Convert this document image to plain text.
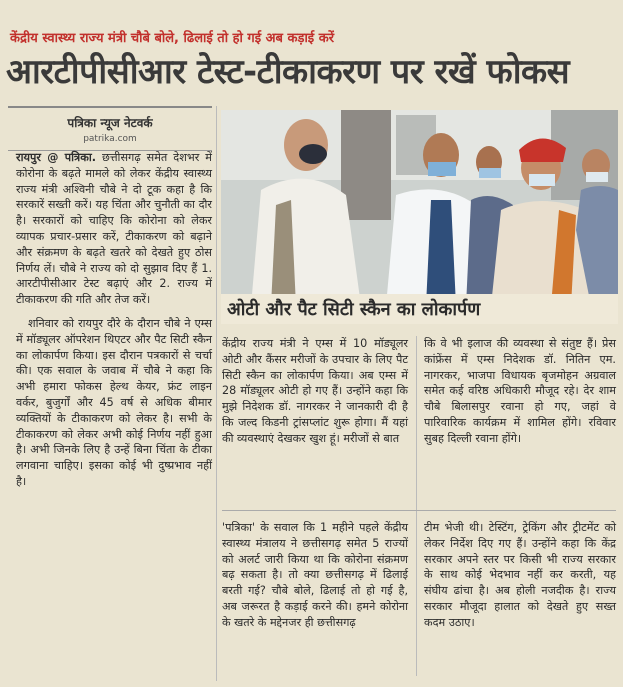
केंद्रीय स्वास्थ्य राज्य मंत्री चौबे बोले, ढिलाई तो हो गई अब कड़ाई करें
आरटीपीसीआर टेस्ट-टीकाकरण पर रखें फोकस
पत्रिका न्यूज नेटवर्क
patrika.com

रायपुर @ पत्रिका. छत्तीसगढ़ समेत देशभर में कोरोना के बढ़ते मामले को लेकर केंद्रीय स्वास्थ्य राज्य मंत्री अश्विनी चौबे ने दो टूक कहा है कि सरकारें सख्ती करें। यह चिंता और चुनौती का दौर है। सरकारों को चाहिए कि कोरोना को लेकर व्यापक प्रचार-प्रसार करें, टीकाकरण को बढ़ाने और संक्रमण के बढ़ते खतरे को देखते हुए ठोस निर्णय लें। चौबे ने राज्य को दो सुझाव दिए हैं 1. आरटीपीसीआर टेस्ट बढ़ाएं और 2. राज्य में टीकाकरण की गति और तेज करें।

शनिवार को रायपुर दौरे के दौरान चौबे ने एम्स में मॉड्यूलर ऑपरेशन थिएटर और पैट सिटी स्कैन का लोकार्पण किया। इस दौरान पत्रकारों से चर्चा की। एक सवाल के जवाब में चौबे ने कहा कि अभी हमारा फोकस हेल्थ केयर, फ्रंट लाइन वर्कर, बुजुर्गों और 45 वर्ष से अधिक बीमार व्यक्तियों के टीकाकरण को लेकर है। सभी के टीकाकरण को लेकर अभी कोई निर्णय नहीं हुआ है। अभी जिनके लिए है उन्हें बिना चिंता के टीका लगवाना चाहिए। इसका कोई भी दुष्प्रभाव नहीं है।

ओटी और पैट सिटी स्कैन का लोकार्पण
केंद्रीय राज्य मंत्री ने एम्स में 10 मॉड्यूलर ओटी और कैंसर मरीजों के उपचार के लिए पैट सिटी स्कैन का लोकार्पण किया। अब एम्स में 28 मॉड्यूलर ओटी हो गए हैं। उन्होंने कहा कि मुझे निदेशक डॉ. नागरकर ने जानकारी दी है कि जल्द किडनी ट्रांसप्लांट शुरू होगा। मैं यहां की व्यवस्थाएं देखकर खुश हूं। मरीजों से बात
कि वे भी इलाज की व्यवस्था से संतुष्ट हैं। प्रेस कांफ्रेंस में एम्स निदेशक डॉ. नितिन एम. नागरकर, भाजपा विधायक बृजमोहन अग्रवाल समेत कई वरिष्ठ अधिकारी मौजूद रहे। देर शाम चौबे बिलासपुर रवाना हो गए, जहां वे पारिवारिक कार्यक्रम में शामिल होंगे। रविवार सुबह दिल्ली रवाना होंगे।
'पत्रिका' के सवाल कि 1 महीने पहले केंद्रीय स्वास्थ्य मंत्रालय ने छत्तीसगढ़ समेत 5 राज्यों को अलर्ट जारी किया था कि कोरोना संक्रमण बढ़ सकता है। तो क्या छत्तीसगढ़ में ढिलाई बरती गई? चौबे बोले, ढिलाई तो हो गई है, अब जरूरत है कड़ाई करने की। हमने कोरोना के खतरे के मद्देनजर ही छत्तीसगढ़
टीम भेजी थी। टेस्टिंग, ट्रेकिंग और ट्रीटमेंट को लेकर निर्देश दिए गए हैं। उन्होंने कहा कि केंद्र सरकार अपने स्तर पर किसी भी राज्य सरकार के साथ कोई भेदभाव नहीं कर करती, यह संघीय ढांचा है। अब होली नजदीक है। राज्य सरकार मौजूदा हालात को देखते हुए सख्त कदम उठाए।
